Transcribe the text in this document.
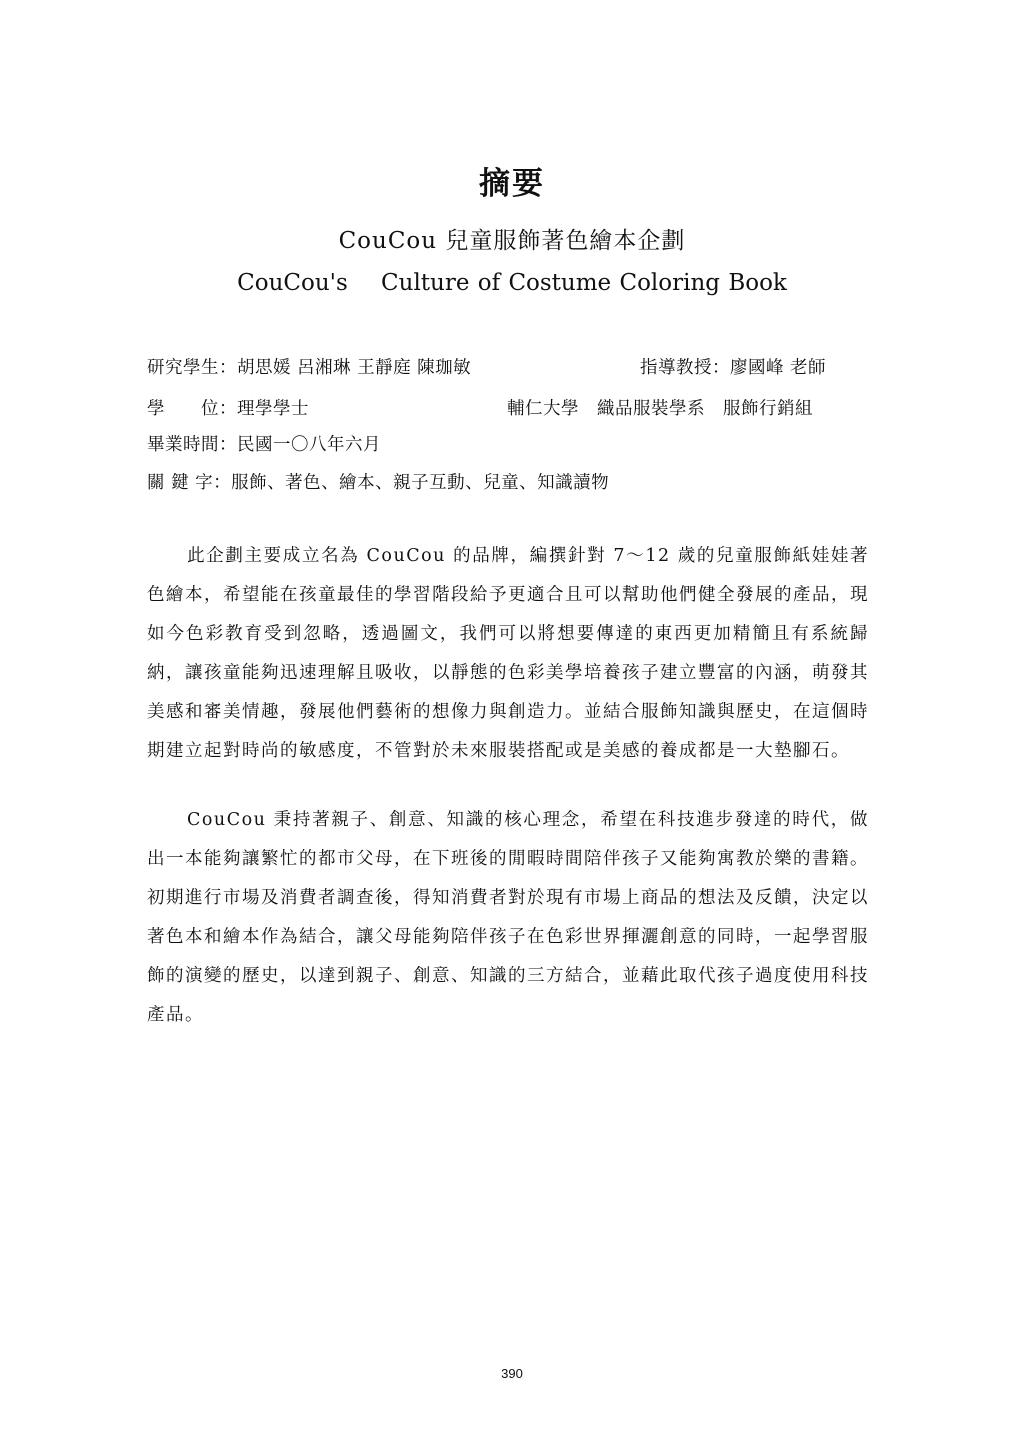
摘要
CouCou 兒童服飾著色繪本企劃
CouCou's    Culture of Costume Coloring Book
研究學生：胡思媛 呂湘琳 王靜庭 陳珈敏	指導教授：廖國峰 老師
學　　位：理學學士	輔仁大學　織品服裝學系　服飾行銷組
畢業時間：民國一〇八年六月
關 鍵 字：服飾、著色、繪本、親子互動、兒童、知識讀物

此企劃主要成立名為 CouCou 的品牌，編撰針對 7～12 歲的兒童服飾紙娃娃著色繪本，希望能在孩童最佳的學習階段給予更適合且可以幫助他們健全發展的產品，現如今色彩教育受到忽略，透過圖文，我們可以將想要傳達的東西更加精簡且有系統歸納，讓孩童能夠迅速理解且吸收，以靜態的色彩美學培養孩子建立豐富的內涵，萌發其美感和審美情趣，發展他們藝術的想像力與創造力。並結合服飾知識與歷史，在這個時期建立起對時尚的敏感度，不管對於未來服裝搭配或是美感的養成都是一大墊腳石。

CouCou 秉持著親子、創意、知識的核心理念，希望在科技進步發達的時代，做出一本能夠讓繁忙的都市父母，在下班後的閒暇時間陪伴孩子又能夠寓教於樂的書籍。初期進行市場及消費者調查後，得知消費者對於現有市場上商品的想法及反饋，決定以著色本和繪本作為結合，讓父母能夠陪伴孩子在色彩世界揮灑創意的同時，一起學習服飾的演變的歷史，以達到親子、創意、知識的三方結合，並藉此取代孩子過度使用科技產品。

390
